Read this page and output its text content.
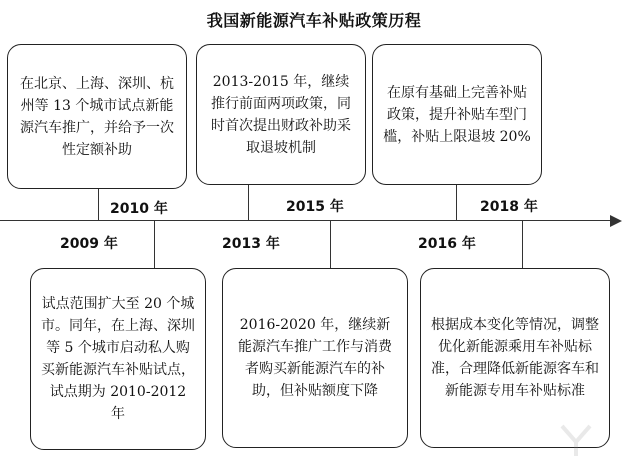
我国新能源汽车补贴政策历程
在北京、上海、深圳、杭州等 13 个城市试点新能源汽车推广，并给予一次性定额补助
2013-2015 年，继续推行前面两项政策，同时首次提出财政补助采取退坡机制
在原有基础上完善补贴政策，提升补贴车型门槛，补贴上限退坡 20%
2010 年	2015 年	2018 年
2009 年	2013 年	2016 年
试点范围扩大至 20 个城市。同年，在上海、深圳等 5 个城市启动私人购买新能源汽车补贴试点，试点期为 2010-2012 年
2016-2020 年，继续新能源汽车推广工作与消费者购买新能源汽车的补助，但补贴额度下降
根据成本变化等情况，调整优化新能源乘用车补贴标准，合理降低新能源客车和新能源专用车补贴标准
